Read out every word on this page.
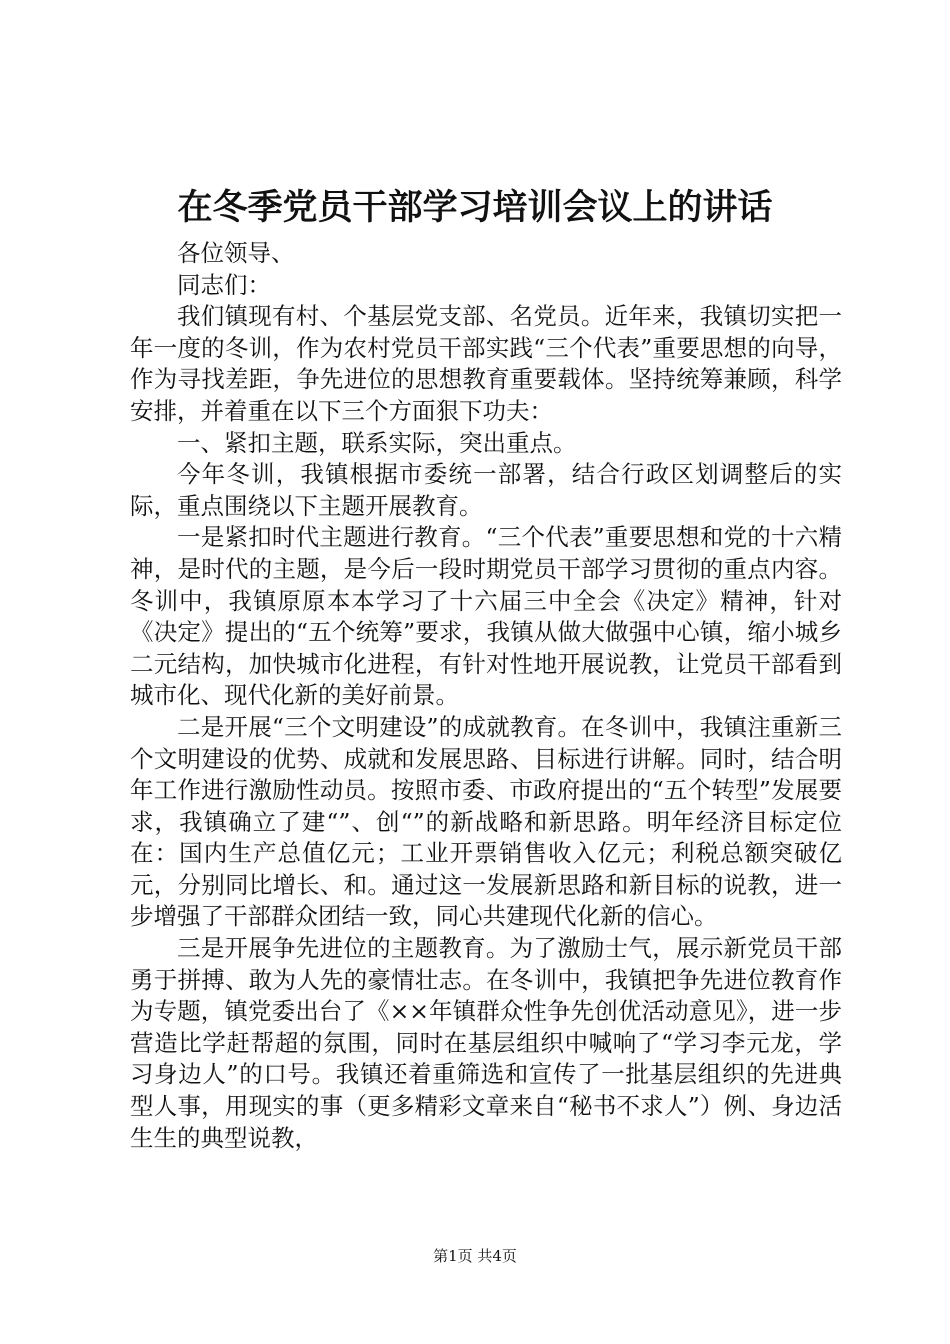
在冬季党员干部学习培训会议上的讲话

各位领导、

同志们：

我们镇现有村、个基层党支部、名党员。近年来，我镇切实把一年一度的冬训，作为农村党员干部实践“三个代表”重要思想的向导，作为寻找差距，争先进位的思想教育重要载体。坚持统筹兼顾，科学安排，并着重在以下三个方面狠下功夫：

一、紧扣主题，联系实际，突出重点。

今年冬训，我镇根据市委统一部署，结合行政区划调整后的实际，重点围绕以下主题开展教育。

一是紧扣时代主题进行教育。“三个代表”重要思想和党的十六精神，是时代的主题，是今后一段时期党员干部学习贯彻的重点内容。冬训中，我镇原原本本学习了十六届三中全会《决定》精神，针对《决定》提出的“五个统筹”要求，我镇从做大做强中心镇，缩小城乡二元结构，加快城市化进程，有针对性地开展说教，让党员干部看到城市化、现代化新的美好前景。

二是开展“三个文明建设”的成就教育。在冬训中，我镇注重新三个文明建设的优势、成就和发展思路、目标进行讲解。同时，结合明年工作进行激励性动员。按照市委、市政府提出的“五个转型”发展要求，我镇确立了建“”、创“”的新战略和新思路。明年经济目标定位在：国内生产总值亿元；工业开票销售收入亿元；利税总额突破亿元，分别同比增长、和。通过这一发展新思路和新目标的说教，进一步增强了干部群众团结一致，同心共建现代化新的信心。

三是开展争先进位的主题教育。为了激励士气，展示新党员干部勇于拼搏、敢为人先的豪情壮志。在冬训中，我镇把争先进位教育作为专题，镇党委出台了《××年镇群众性争先创优活动意见》，进一步营造比学赶帮超的氛围，同时在基层组织中喊响了“学习李元龙，学习身边人”的口号。我镇还着重筛选和宣传了一批基层组织的先进典型人事，用现实的事（更多精彩文章来自“秘书不求人”）例、身边活生生的典型说教，

第1页 共4页
